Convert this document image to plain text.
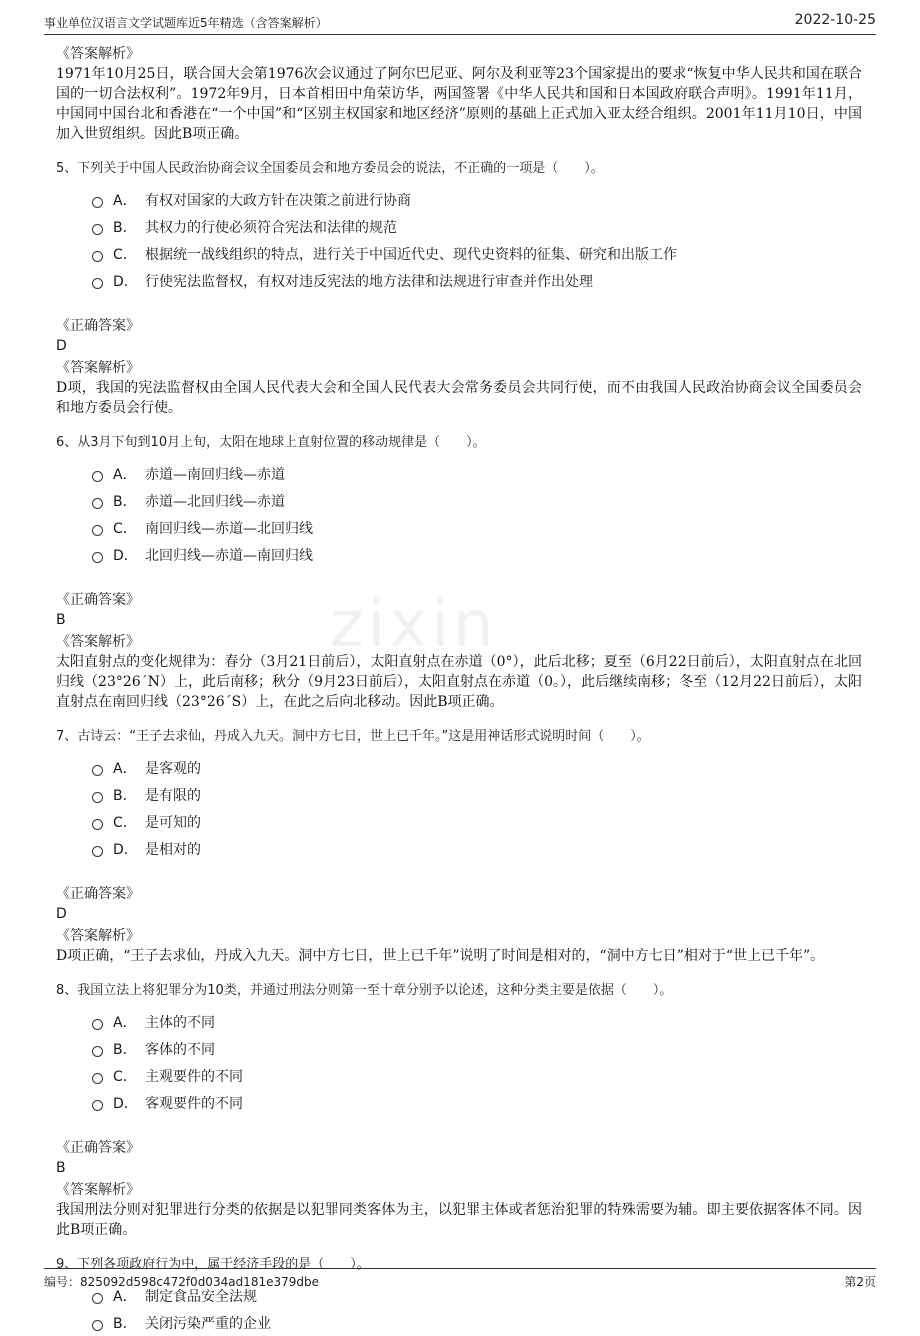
事业单位汉语言文学试题库近5年精选（含答案解析）	2022-10-25
zixin
《答案解析》
1971年10月25日，联合国大会第1976次会议通过了阿尔巴尼亚、阿尔及利亚等23个国家提出的要求“恢复中华人民共和国在联合国的一切合法权利”。1972年9月，日本首相田中角荣访华，两国签署《中华人民共和国和日本国政府联合声明》。1991年11月，中国同中国台北和香港在“一个中国”和“区别主权国家和地区经济”原则的基础上正式加入亚太经合组织。2001年11月10日，中国加入世贸组织。因此B项正确。
5、下列关于中国人民政治协商会议全国委员会和地方委员会的说法，不正确的一项是（　　）。
A． 有权对国家的大政方针在决策之前进行协商
B． 其权力的行使必须符合宪法和法律的规范
C． 根据统一战线组织的特点，进行关于中国近代史、现代史资料的征集、研究和出版工作
D． 行使宪法监督权，有权对违反宪法的地方法律和法规进行审查并作出处理
《正确答案》
D
《答案解析》
D项，我国的宪法监督权由全国人民代表大会和全国人民代表大会常务委员会共同行使，而不由我国人民政治协商会议全国委员会和地方委员会行使。
6、从3月下旬到10月上旬，太阳在地球上直射位置的移动规律是（　　）。
A． 赤道—南回归线—赤道
B． 赤道—北回归线—赤道
C． 南回归线—赤道—北回归线
D． 北回归线—赤道—南回归线
《正确答案》
B
《答案解析》
太阳直射点的变化规律为：春分（3月21日前后），太阳直射点在赤道（0°），此后北移；夏至（6月22日前后），太阳直射点在北回归线（23°26´N）上，此后南移；秋分（9月23日前后），太阳直射点在赤道（0。），此后继续南移；冬至（12月22日前后），太阳直射点在南回归线（23°26´S）上，在此之后向北移动。因此B项正确。
7、古诗云：“王子去求仙，丹成入九天。洞中方七日，世上已千年。”这是用神话形式说明时间（　　）。
A． 是客观的
B． 是有限的
C． 是可知的
D． 是相对的
《正确答案》
D
《答案解析》
D项正确，“王子去求仙，丹成入九天。洞中方七日，世上已千年”说明了时间是相对的，“洞中方七日”相对于“世上已千年”。
8、我国立法上将犯罪分为10类，并通过刑法分则第一至十章分别予以论述，这种分类主要是依据（　　）。
A． 主体的不同
B． 客体的不同
C． 主观要件的不同
D． 客观要件的不同
《正确答案》
B
《答案解析》
我国刑法分则对犯罪进行分类的依据是以犯罪同类客体为主，以犯罪主体或者惩治犯罪的特殊需要为辅。即主要依据客体不同。因此B项正确。
9、下列各项政府行为中，属于经济手段的是（　　）。
A． 制定食品安全法规
B． 关闭污染严重的企业
编号：825092d598c472f0d034ad181e379dbe	第2页
